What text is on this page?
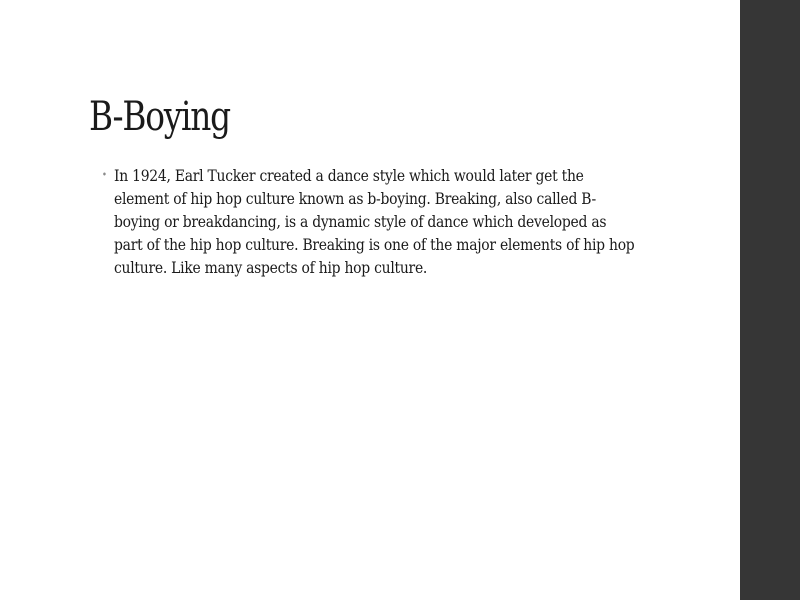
B-Boying
• In 1924, Earl Tucker created a dance style which would later get the element of hip hop culture known as b-boying. Breaking, also called B-boying or breakdancing, is a dynamic style of dance which developed as part of the hip hop culture. Breaking is one of the major elements of hip hop culture. Like many aspects of hip hop culture.
